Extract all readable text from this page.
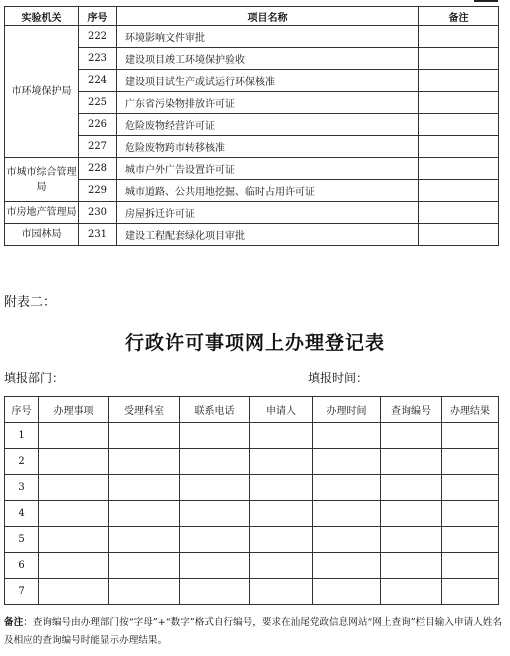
实验机关	序号	项目名称	备注
市环境保护局	222	环境影响文件审批	
	223	建设项目竣工环境保护验收	
	224	建设项目试生产或试运行环保核准	
	225	广东省污染物排放许可证	
	226	危险废物经营许可证	
	227	危险废物跨市转移核准	
市城市综合管理局	228	城市户外广告设置许可证	
	229	城市道路、公共用地挖掘、临时占用许可证	
市房地产管理局	230	房屋拆迁许可证	
市园林局	231	建设工程配套绿化项目审批	
附表二：
行政许可事项网上办理登记表
填报部门：	填报时间：
序号	办理事项	受理科室	联系电话	申请人	办理时间	查询编号	办理结果
1							
2							
3							
4							
5							
6							
7							
备注：查询编号由办理部门按“字母”+“数字”格式自行编号，要求在汕尾党政信息网站“网上查询”栏目输入申请人姓名及相应的查询编号时能显示办理结果。
